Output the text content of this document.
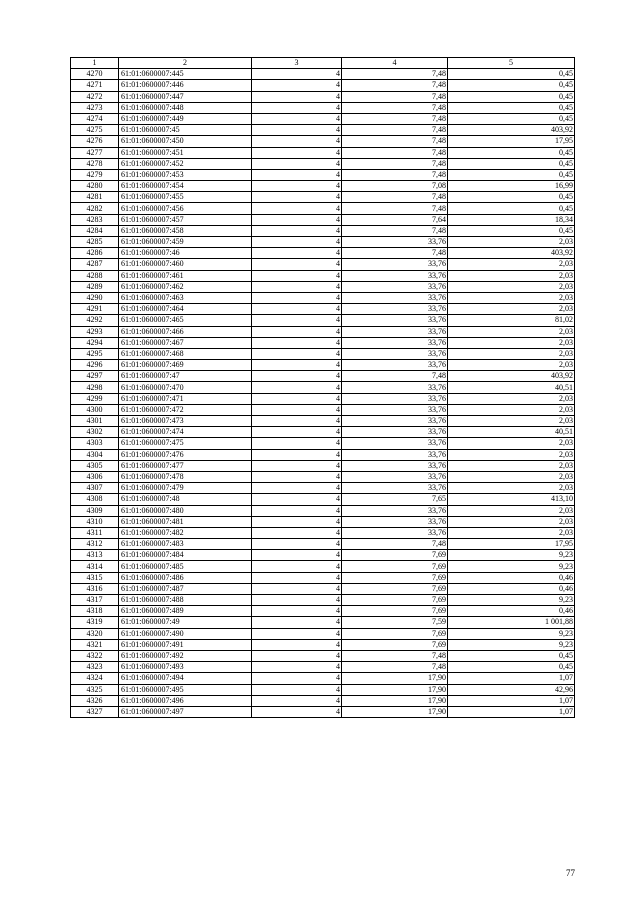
1	2	3	4	5
4270	61:01:0600007:445	4	7,48	0,45
4271	61:01:0600007:446	4	7,48	0,45
4272	61:01:0600007:447	4	7,48	0,45
4273	61:01:0600007:448	4	7,48	0,45
4274	61:01:0600007:449	4	7,48	0,45
4275	61:01:0600007:45	4	7,48	403,92
4276	61:01:0600007:450	4	7,48	17,95
4277	61:01:0600007:451	4	7,48	0,45
4278	61:01:0600007:452	4	7,48	0,45
4279	61:01:0600007:453	4	7,48	0,45
4280	61:01:0600007:454	4	7,08	16,99
4281	61:01:0600007:455	4	7,48	0,45
4282	61:01:0600007:456	4	7,48	0,45
4283	61:01:0600007:457	4	7,64	18,34
4284	61:01:0600007:458	4	7,48	0,45
4285	61:01:0600007:459	4	33,76	2,03
4286	61:01:0600007:46	4	7,48	403,92
4287	61:01:0600007:460	4	33,76	2,03
4288	61:01:0600007:461	4	33,76	2,03
4289	61:01:0600007:462	4	33,76	2,03
4290	61:01:0600007:463	4	33,76	2,03
4291	61:01:0600007:464	4	33,76	2,03
4292	61:01:0600007:465	4	33,76	81,02
4293	61:01:0600007:466	4	33,76	2,03
4294	61:01:0600007:467	4	33,76	2,03
4295	61:01:0600007:468	4	33,76	2,03
4296	61:01:0600007:469	4	33,76	2,03
4297	61:01:0600007:47	4	7,48	403,92
4298	61:01:0600007:470	4	33,76	40,51
4299	61:01:0600007:471	4	33,76	2,03
4300	61:01:0600007:472	4	33,76	2,03
4301	61:01:0600007:473	4	33,76	2,03
4302	61:01:0600007:474	4	33,76	40,51
4303	61:01:0600007:475	4	33,76	2,03
4304	61:01:0600007:476	4	33,76	2,03
4305	61:01:0600007:477	4	33,76	2,03
4306	61:01:0600007:478	4	33,76	2,03
4307	61:01:0600007:479	4	33,76	2,03
4308	61:01:0600007:48	4	7,65	413,10
4309	61:01:0600007:480	4	33,76	2,03
4310	61:01:0600007:481	4	33,76	2,03
4311	61:01:0600007:482	4	33,76	2,03
4312	61:01:0600007:483	4	7,48	17,95
4313	61:01:0600007:484	4	7,69	9,23
4314	61:01:0600007:485	4	7,69	9,23
4315	61:01:0600007:486	4	7,69	0,46
4316	61:01:0600007:487	4	7,69	0,46
4317	61:01:0600007:488	4	7,69	9,23
4318	61:01:0600007:489	4	7,69	0,46
4319	61:01:0600007:49	4	7,59	1 001,88
4320	61:01:0600007:490	4	7,69	9,23
4321	61:01:0600007:491	4	7,69	9,23
4322	61:01:0600007:492	4	7,48	0,45
4323	61:01:0600007:493	4	7,48	0,45
4324	61:01:0600007:494	4	17,90	1,07
4325	61:01:0600007:495	4	17,90	42,96
4326	61:01:0600007:496	4	17,90	1,07
4327	61:01:0600007:497	4	17,90	1,07
77
